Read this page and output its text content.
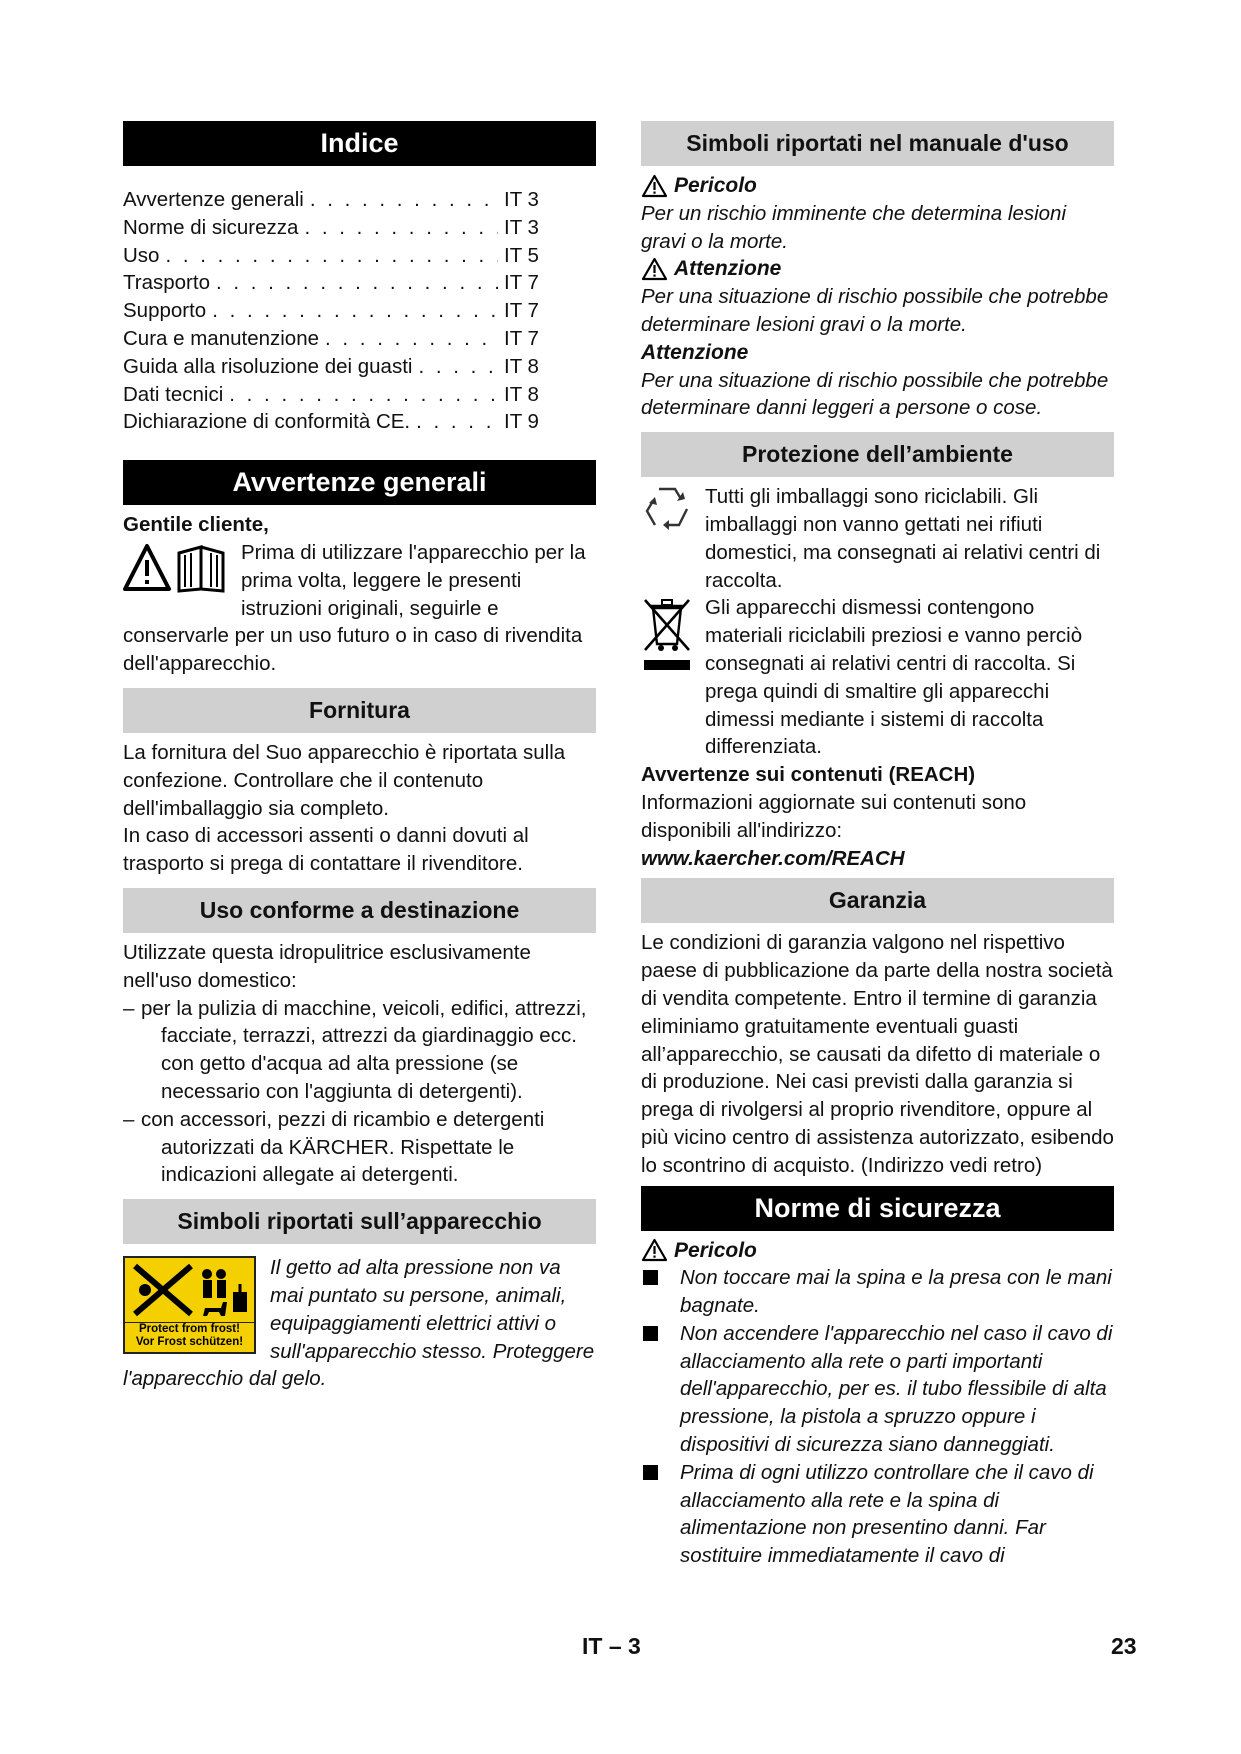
Indice
Avvertenze generali . . .	IT 3
Norme di sicurezza . . .	IT 3
Uso . . .	IT 5
Trasporto . . .	IT 7
Supporto . . .	IT 7
Cura e manutenzione . . .	IT 7
Guida alla risoluzione dei guasti . . .	IT 8
Dati tecnici . . .	IT 8
Dichiarazione di conformità CE. . . .	IT 9
Avvertenze generali

Gentile cliente,

Prima di utilizzare l'apparecchio per la prima volta, leggere le presenti istruzioni originali, seguirle e conservarle per un uso futuro o in caso di rivendita dell'apparecchio.

Fornitura

La fornitura del Suo apparecchio è riportata sulla confezione. Controllare che il contenuto dell'imballaggio sia completo.

In caso di accessori assenti o danni dovuti al trasporto si prega di contattare il rivenditore.

Uso conforme a destinazione

Utilizzate questa idropulitrice esclusivamente nell'uso domestico:

– per la pulizia di macchine, veicoli, edifici, attrezzi, facciate, terrazzi, attrezzi da giardinaggio ecc. con getto d'acqua ad alta pressione (se necessario con l'aggiunta di detergenti).
– con accessori, pezzi di ricambio e detergenti autorizzati da KÄRCHER. Rispettate le indicazioni allegate ai detergenti.
Simboli riportati sull’apparecchio
Protect from frost!
Vor Frost schützen!

Il getto ad alta pressione non va mai puntato su persone, animali, equipaggiamenti elettrici attivi o sull'apparecchio stesso. Proteggere l'apparecchio dal gelo.

Simboli riportati nel manuale d'uso
Pericolo

Per un rischio imminente che determina lesioni gravi o la morte.

Attenzione

Per una situazione di rischio possibile che potrebbe determinare lesioni gravi o la morte.

Attenzione

Per una situazione di rischio possibile che potrebbe determinare danni leggeri a persone o cose.

Protezione dell’ambiente

Tutti gli imballaggi sono riciclabili. Gli imballaggi non vanno gettati nei rifiuti domestici, ma consegnati ai relativi centri di raccolta.

Gli apparecchi dismessi contengono materiali riciclabili preziosi e vanno perciò consegnati ai relativi centri di raccolta. Si prega quindi di smaltire gli apparecchi dimessi mediante i sistemi di raccolta differenziata.

Avvertenze sui contenuti (REACH)

Informazioni aggiornate sui contenuti sono disponibili all'indirizzo:

www.kaercher.com/REACH

Garanzia

Le condizioni di garanzia valgono nel rispettivo paese di pubblicazione da parte della nostra società di vendita competente. Entro il termine di garanzia eliminiamo gratuitamente eventuali guasti all’apparecchio, se causati da difetto di materiale o di produzione. Nei casi previsti dalla garanzia si prega di rivolgersi al proprio rivenditore, oppure al più vicino centro di assistenza autorizzato, esibendo lo scontrino di acquisto. (Indirizzo vedi retro)

Norme di sicurezza
Pericolo
Non toccare mai la spina e la presa con le mani bagnate.
Non accendere l'apparecchio nel caso il cavo di allacciamento alla rete o parti importanti dell'apparecchio, per es. il tubo flessibile di alta pressione, la pistola a spruzzo oppure i dispositivi di sicurezza siano danneggiati.
Prima di ogni utilizzo controllare che il cavo di allacciamento alla rete e la spina di alimentazione non presentino danni. Far sostituire immediatamente il cavo di
IT – 3	23
